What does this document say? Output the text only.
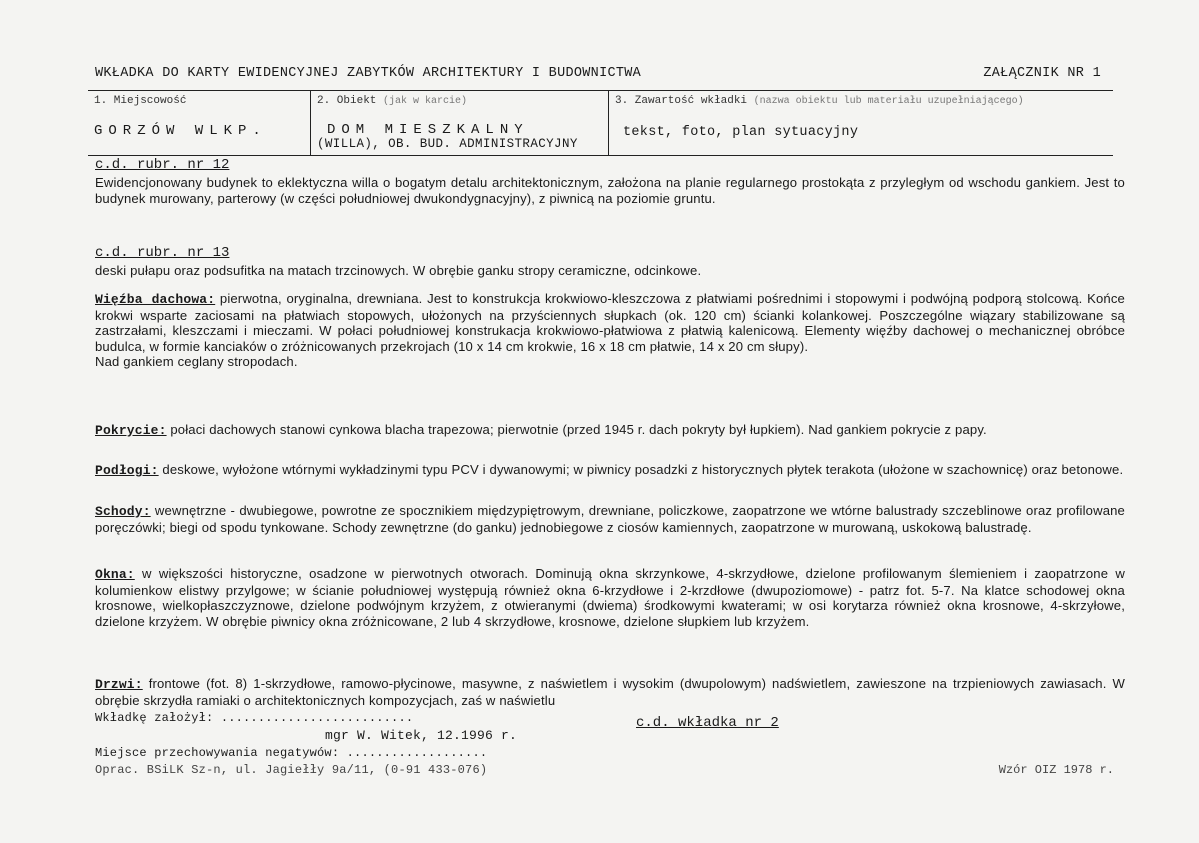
WKŁADKA DO KARTY EWIDENCYJNEJ ZABYTKÓW ARCHITEKTURY I BUDOWNICTWA	ZAŁĄCZNIK NR 1
1. Miejscowość
GORZÓW WLKP.
2. Obiekt (jak w karcie)
DOM MIESZKALNY
(WILLA), OB. BUD. ADMINISTRACYJNY
3. Zawartość wkładki (nazwa obiektu lub materiału uzupełniającego)
tekst, foto, plan sytuacyjny
c.d. rubr. nr 12
Ewidencjonowany budynek to eklektyczna willa o bogatym detalu architektonicznym, założona na planie regularnego prostokąta z przyległym od wschodu gankiem. Jest to budynek murowany, parterowy (w części południowej dwukondygnacyjny), z piwnicą na poziomie gruntu.
c.d. rubr. nr 13
deski pułapu oraz podsufitka na matach trzcinowych. W obrębie ganku stropy ceramiczne, odcinkowe.
Więźba dachowa: pierwotna, oryginalna, drewniana. Jest to konstrukcja krokwiowo-kleszczowa z płatwiami pośrednimi i stopowymi i podwójną podporą stolcową. Końce krokwi wsparte zaciosami na płatwiach stopowych, ułożonych na przyściennych słupkach (ok. 120 cm) ścianki kolankowej. Poszczególne wiązary stabilizowane są zastrzałami, kleszczami i mieczami. W połaci południowej konstrukacja krokwiowo-płatwiowa z płatwią kalenicową. Elementy więźby dachowej o mechanicznej obróbce budulca, w formie kanciaków o zróżnicowanych przekrojach (10 x 14 cm krokwie, 16 x 18 cm płatwie, 14 x 20 cm słupy).
Nad gankiem ceglany stropodach.
Pokrycie: połaci dachowych stanowi cynkowa blacha trapezowa; pierwotnie (przed 1945 r. dach pokryty był łupkiem). Nad gankiem pokrycie z papy.
Podłogi: deskowe, wyłożone wtórnymi wykładzinymi typu PCV i dywanowymi; w piwnicy posadzki z historycznych płytek terakota (ułożone w szachownicę) oraz betonowe.
Schody: wewnętrzne - dwubiegowe, powrotne ze spocznikiem międzypiętrowym, drewniane, policzkowe, zaopatrzone we wtórne balustrady szczeblinowe oraz profilowane poręczówki; biegi od spodu tynkowane. Schody zewnętrzne (do ganku) jednobiegowe z ciosów kamiennych, zaopatrzone w murowaną, uskokową balustradę.
Okna: w większości historyczne, osadzone w pierwotnych otworach. Dominują okna skrzynkowe, 4-skrzydłowe, dzielone profilowanym ślemieniem i zaopatrzone w kolumienkow elistwy przylgowe; w ścianie południowej występują również okna 6-krzydłowe i 2-krzdłowe (dwupoziomowe) - patrz fot. 5-7. Na klatce schodowej okna krosnowe, wielkopłaszczyznowe, dzielone podwójnym krzyżem, z otwieranymi (dwiema) środkowymi kwaterami; w osi korytarza również okna krosnowe, 4-skrzyłowe, dzielone krzyżem. W obrębie piwnicy okna zróżnicowane, 2 lub 4 skrzydłowe, krosnowe, dzielone słupkiem lub krzyżem.
Drzwi: frontowe (fot. 8) 1-skrzydłowe, ramowo-płycinowe, masywne, z naświetlem i wysokim (dwupolowym) nadświetlem, zawieszone na trzpieniowych zawiasach. W obrębie skrzydła ramiaki o architektonicznych kompozycjach, zaś w naświetlu
Wkładkę założył: ..........................	c.d. wkładka nr 2
mgr W. Witek, 12.1996 r.
Miejsce przechowywania negatywów: ...................
Oprac. BSiLK Sz-n, ul. Jagiełły 9a/11, (0-91 433-076)	Wzór OIZ 1978 r.
